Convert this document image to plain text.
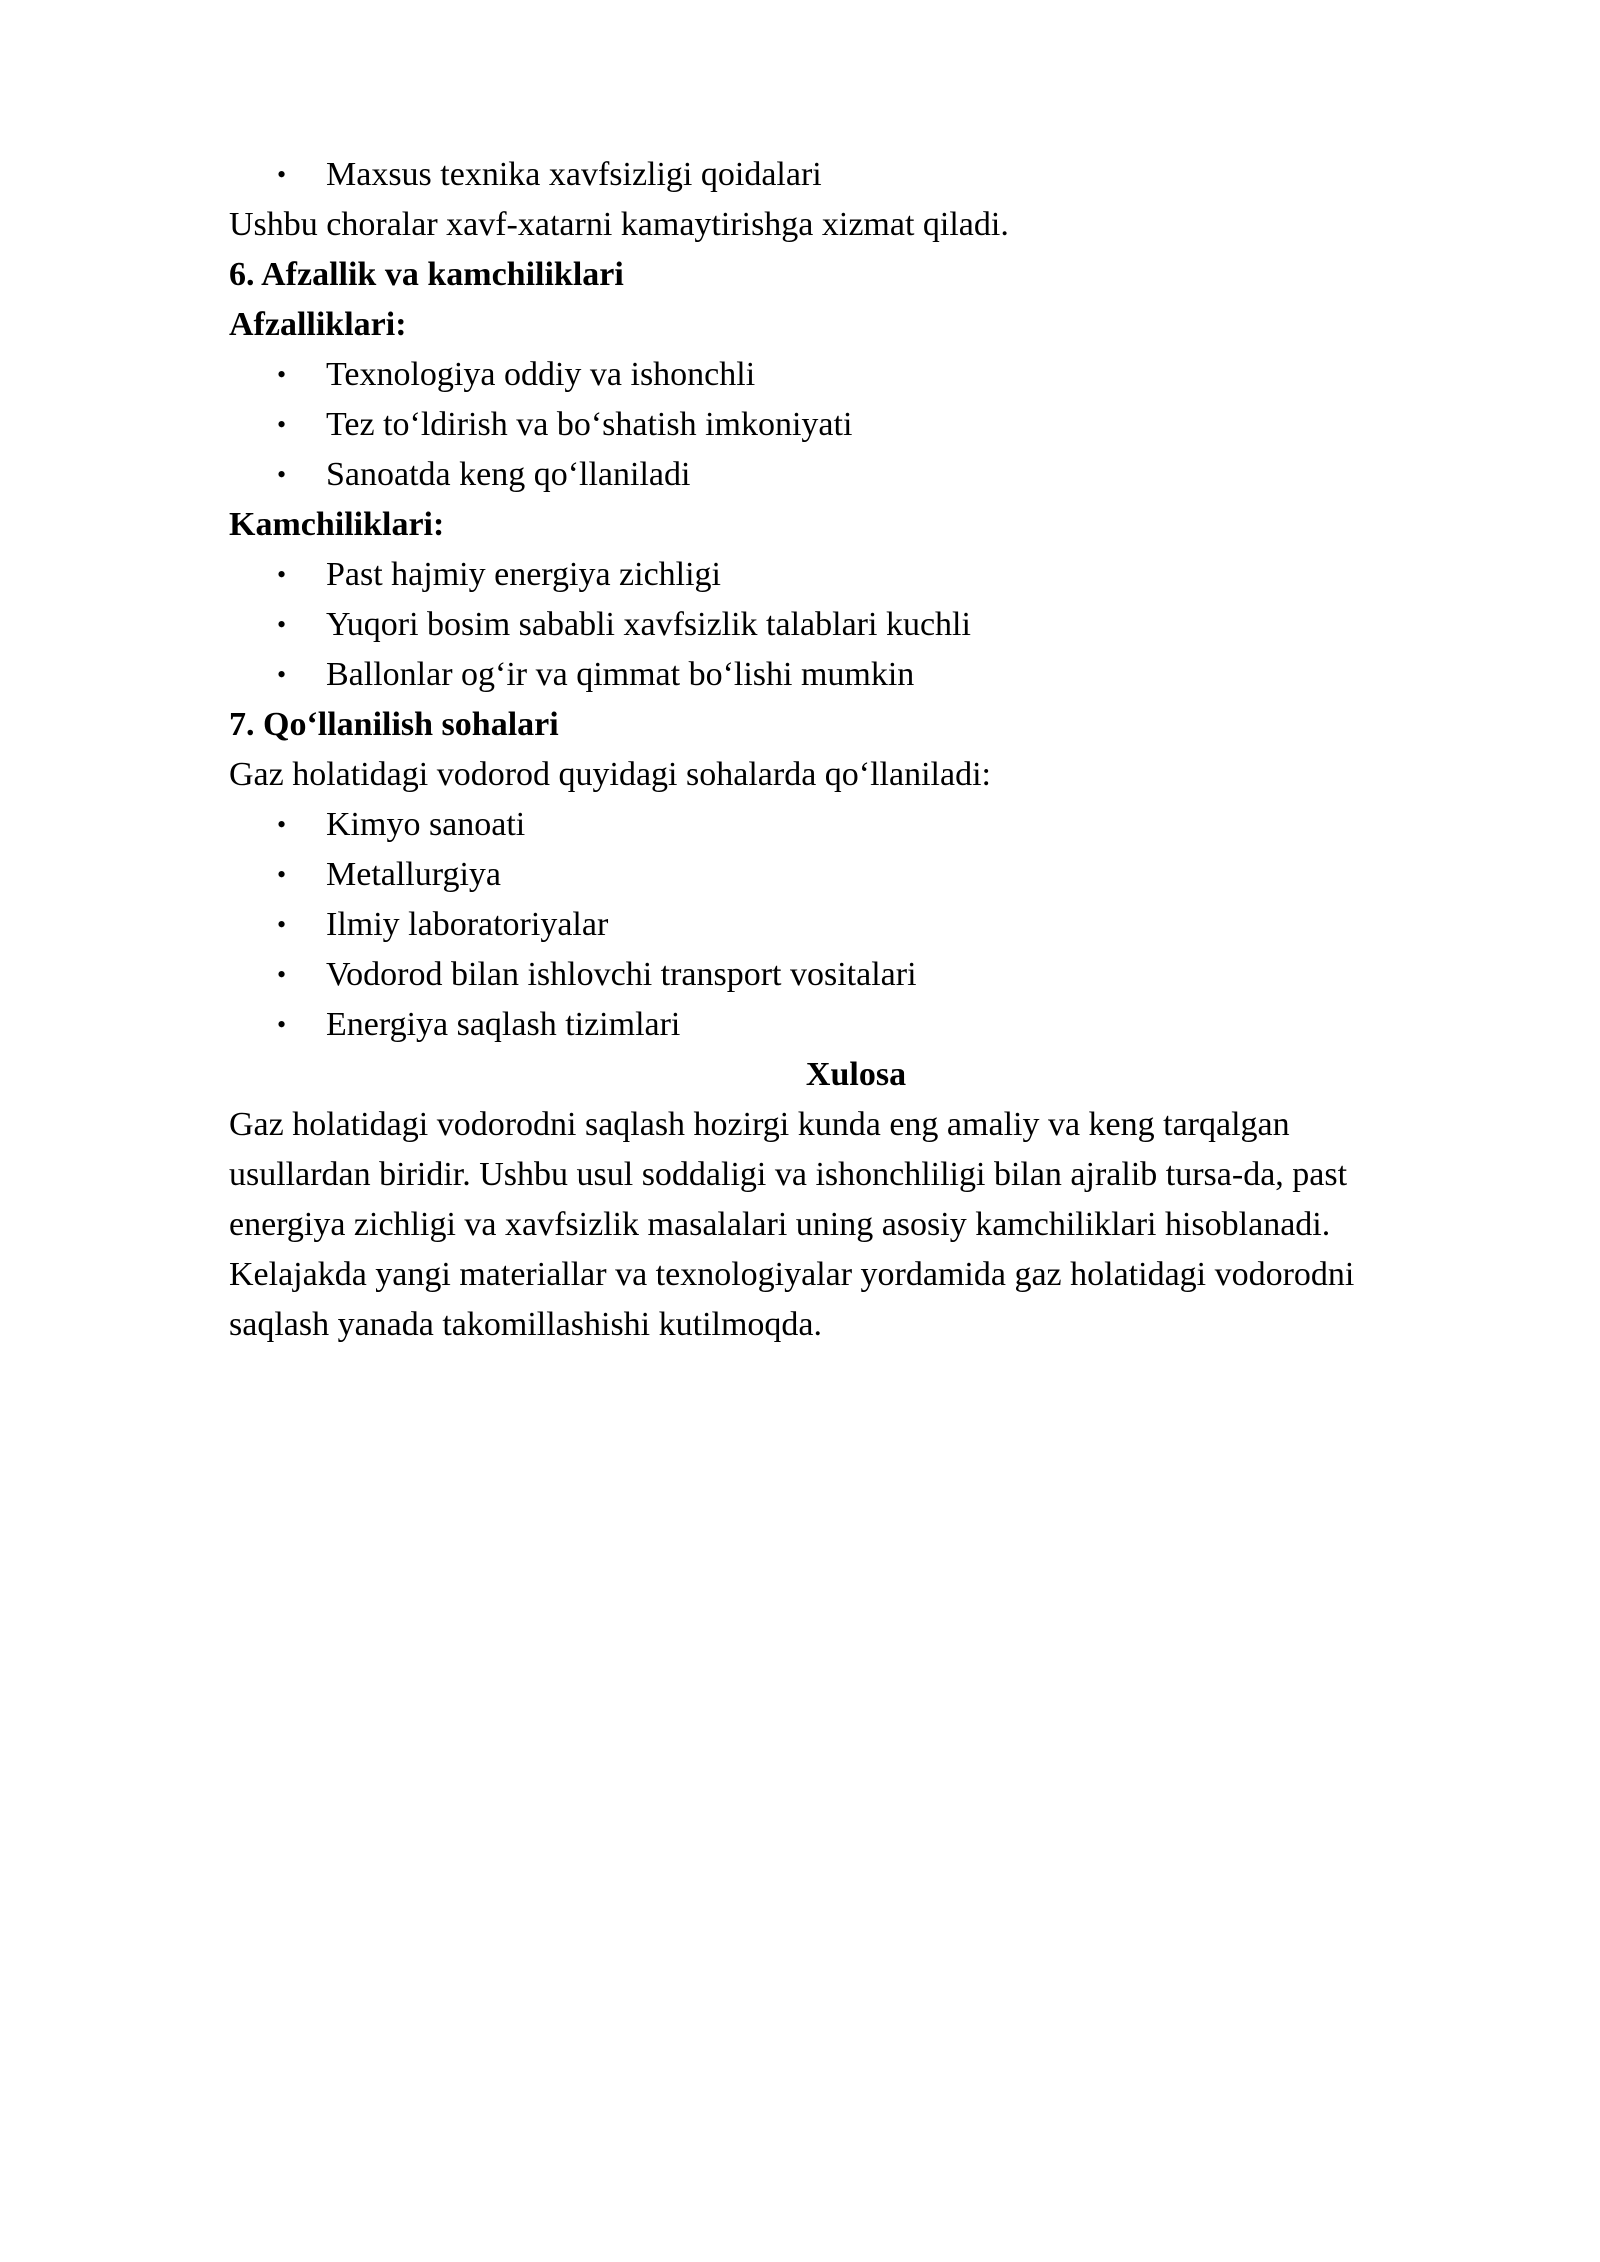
• Maxsus texnika xavfsizligi qoidalari

Ushbu choralar xavf-xatarni kamaytirishga xizmat qiladi.

6. Afzallik va kamchiliklari

Afzalliklari:

• Texnologiya oddiy va ishonchli
• Tez to‘ldirish va bo‘shatish imkoniyati
• Sanoatda keng qo‘llaniladi

Kamchiliklari:

• Past hajmiy energiya zichligi
• Yuqori bosim sababli xavfsizlik talablari kuchli
• Ballonlar og‘ir va qimmat bo‘lishi mumkin

7. Qo‘llanilish sohalari

Gaz holatidagi vodorod quyidagi sohalarda qo‘llaniladi:

• Kimyo sanoati
• Metallurgiya
• Ilmiy laboratoriyalar
• Vodorod bilan ishlovchi transport vositalari
• Energiya saqlash tizimlari

Xulosa

Gaz holatidagi vodorodni saqlash hozirgi kunda eng amaliy va keng tarqalgan

usullardan biridir. Ushbu usul soddaligi va ishonchliligi bilan ajralib tursa-da, past

energiya zichligi va xavfsizlik masalalari uning asosiy kamchiliklari hisoblanadi.

Kelajakda yangi materiallar va texnologiyalar yordamida gaz holatidagi vodorodni

saqlash yanada takomillashishi kutilmoqda.
